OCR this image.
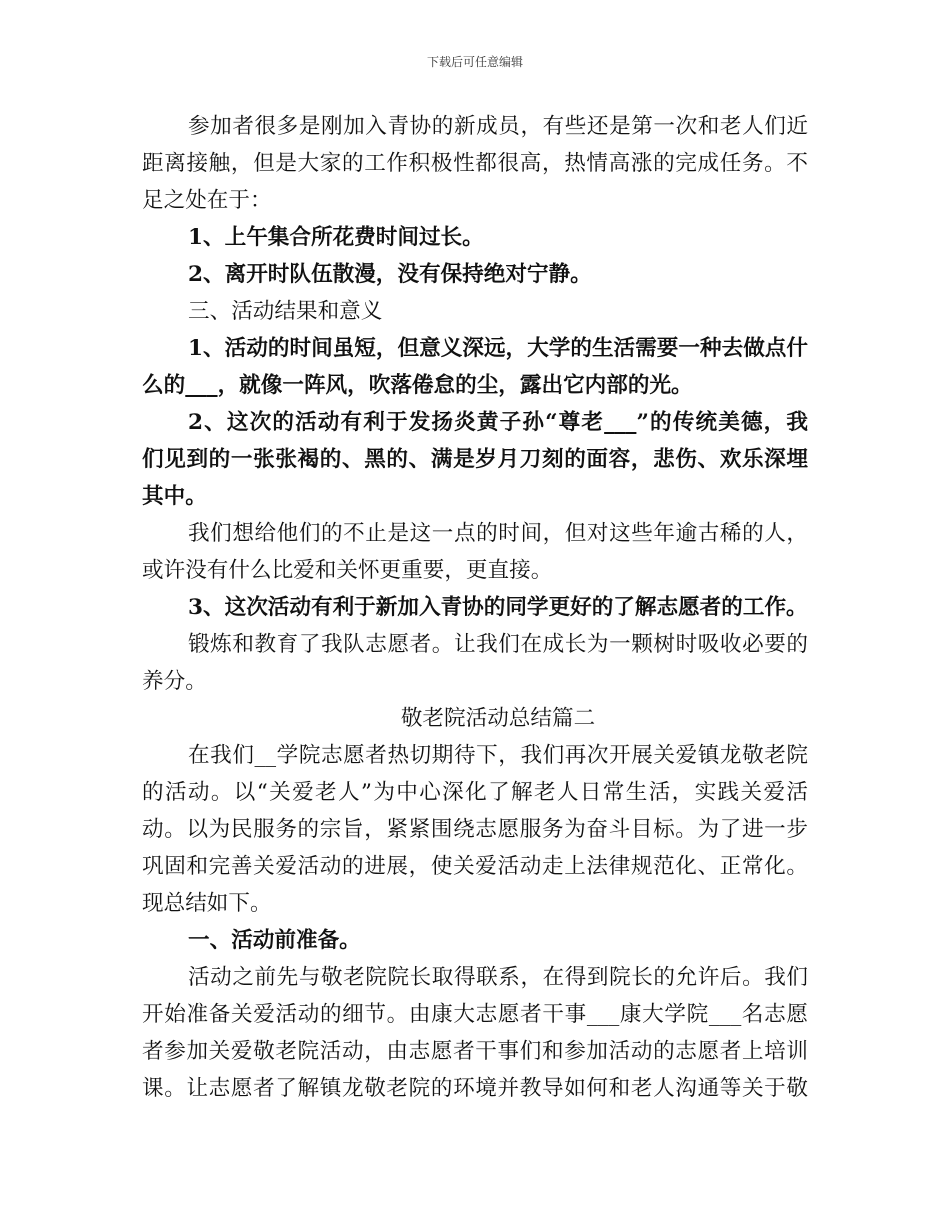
下载后可任意编辑
参加者很多是刚加入青协的新成员，有些还是第一次和老人们近
距离接触，但是大家的工作积极性都很高，热情高涨的完成任务。不
足之处在于：
1、上午集合所花费时间过长。
2、离开时队伍散漫，没有保持绝对宁静。
三、活动结果和意义
1、活动的时间虽短，但意义深远，大学的生活需要一种去做点什
么的___，就像一阵风，吹落倦怠的尘，露出它内部的光。
2、这次的活动有利于发扬炎黄子孙“尊老___”的传统美德，我
们见到的一张张褐的、黑的、满是岁月刀刻的面容，悲伤、欢乐深埋
其中。
我们想给他们的不止是这一点的时间，但对这些年逾古稀的人，
或许没有什么比爱和关怀更重要，更直接。
3、这次活动有利于新加入青协的同学更好的了解志愿者的工作。
锻炼和教育了我队志愿者。让我们在成长为一颗树时吸收必要的
养分。
敬老院活动总结篇二
在我们__学院志愿者热切期待下，我们再次开展关爱镇龙敬老院
的活动。以“关爱老人”为中心深化了解老人日常生活，实践关爱活
动。以为民服务的宗旨，紧紧围绕志愿服务为奋斗目标。为了进一步
巩固和完善关爱活动的进展，使关爱活动走上法律规范化、正常化。
现总结如下。
一、活动前准备。
活动之前先与敬老院院长取得联系，在得到院长的允许后。我们
开始准备关爱活动的细节。由康大志愿者干事___康大学院___名志愿
者参加关爱敬老院活动，由志愿者干事们和参加活动的志愿者上培训
课。让志愿者了解镇龙敬老院的环境并教导如何和老人沟通等关于敬
